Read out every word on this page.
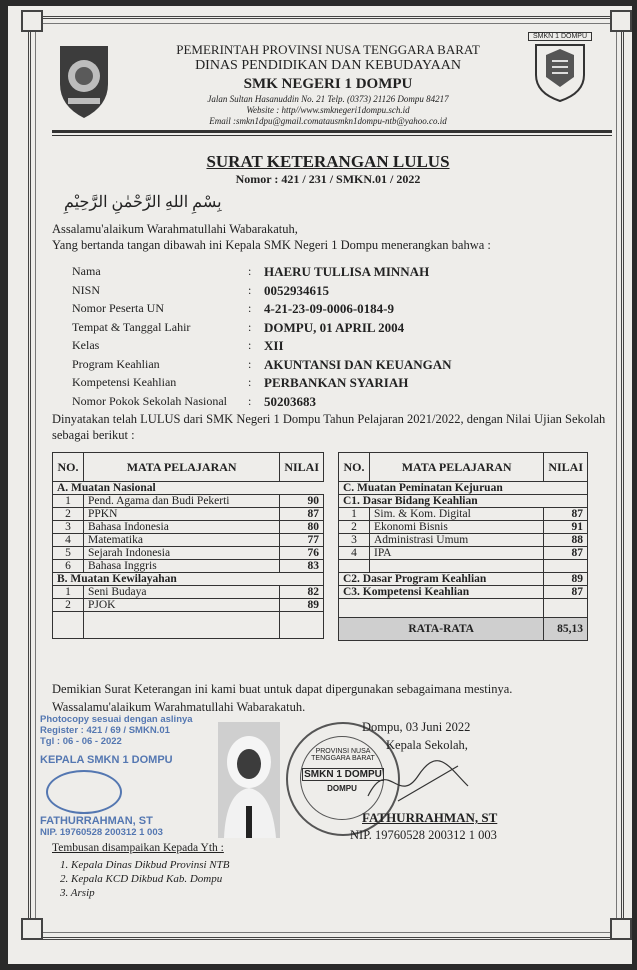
SMKN 1 DOMPU
PEMERINTAH PROVINSI NUSA TENGGARA BARAT
DINAS PENDIDIKAN DAN KEBUDAYAAN
SMK NEGERI 1 DOMPU
Jalan Sultan Hasanuddin No. 21 Telp. (0373) 21126 Dompu 84217
Website : http//www.smknegeri1dompu.sch.id
Email :smkn1dpu@gmail.comatausmkn1dompu-ntb@yahoo.co.id
SURAT KETERANGAN LULUS
Nomor : 421 / 231 / SMKN.01 / 2022
بِسْمِ اللهِ الرَّحْمٰنِ الرَّحِيْمِ
Assalamu'alaikum Warahmatullahi Wabarakatuh,
Yang bertanda tangan dibawah ini Kepala SMK Negeri 1 Dompu menerangkan bahwa :
Nama	: HAERU TULLISA MINNAH
NISN	: 0052934615
Nomor Peserta UN	: 4-21-23-09-0006-0184-9
Tempat & Tanggal Lahir	: DOMPU, 01 APRIL 2004
Kelas	: XII
Program Keahlian	: AKUNTANSI DAN KEUANGAN
Kompetensi Keahlian	: PERBANKAN SYARIAH
Nomor Pokok Sekolah Nasional	: 50203683
Dinyatakan telah LULUS dari SMK Negeri 1 Dompu Tahun Pelajaran 2021/2022, dengan Nilai Ujian Sekolah sebagai berikut :
NO.	MATA PELAJARAN	NILAI
A. Muatan Nasional		
1	Pend. Agama dan Budi Pekerti	90
2	PPKN	87
3	Bahasa Indonesia	80
4	Matematika	77
5	Sejarah Indonesia	76
6	Bahasa Inggris	83
B. Muatan Kewilayahan		
1	Seni Budaya	82
2	PJOK	89

NO.	MATA PELAJARAN	NILAI
C. Muatan Peminatan Kejuruan		
C1. Dasar Bidang Keahlian		
1	Sim. & Kom. Digital	87
2	Ekonomi Bisnis	91
3	Administrasi Umum	88
4	IPA	87

C2. Dasar Program Keahlian		89
C3. Kompetensi Keahlian		87

RATA-RATA		85,13
Demikian Surat Keterangan ini kami buat untuk dapat dipergunakan sebagaimana mestinya.
Wassalamu'alaikum Warahmatullahi Wabarakatuh.
Photocopy sesuai dengan aslinya
Register : 421 / 69 / SMKN.01
Tgl : 06 - 06 - 2022
KEPALA SMKN 1 DOMPU
FATHURRAHMAN, ST
NIP. 19760528 200312 1 003
PROVINSI NUSA TENGGARA BARAT
SMKN 1 DOMPU
DOMPU
Dompu, 03 Juni 2022
Kepala Sekolah,
FATHURRAHMAN, ST
NIP. 19760528 200312 1 003
Tembusan disampaikan Kepada Yth :
1. Kepala Dinas Dikbud Provinsi NTB
2. Kepala KCD Dikbud Kab. Dompu
3. Arsip
